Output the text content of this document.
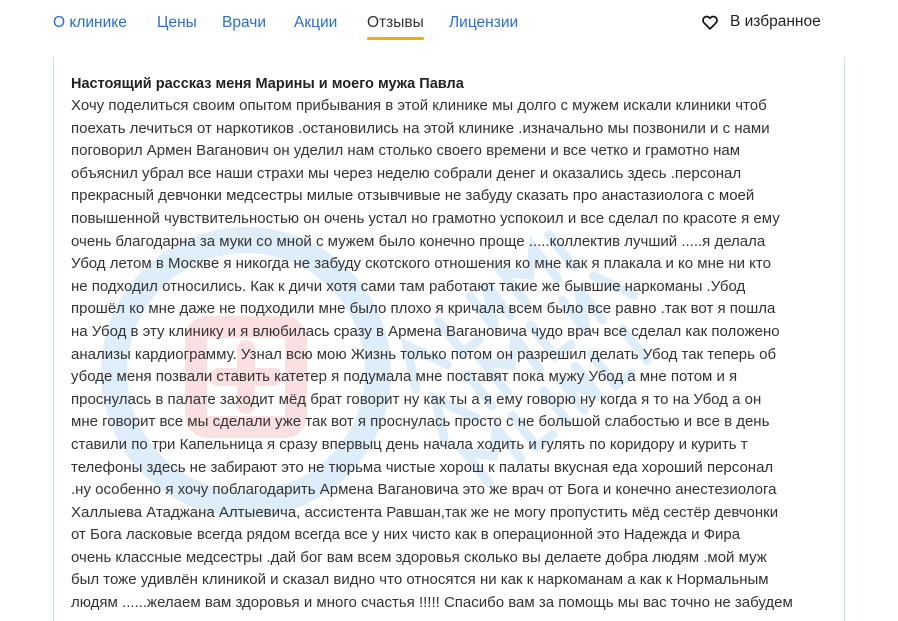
О клинике Цены Врачи Акции Отзывы Лицензии	В избранное
Настоящий рассказ меня Марины и моего мужа Павла
Хочу поделиться своим опытом прибывания в этой клинике мы долго с мужем искали клиники чтоб
поехать лечиться от наркотиков .остановились на этой клинике .изначально мы позвонили и с нами
поговорил Армен Ваганович он уделил нам столько своего времени и все четко и грамотно нам
объяснил убрал все наши страхи мы через неделю собрали денег и оказались здесь .персонал
прекрасный девчонки медсестры милые отзывчивые не забуду сказать про анастазиолога с моей
повышенной чувствительностью он очень устал но грамотно успокоил и все сделал по красоте я ему
очень благодарна за муки со мной с мужем было конечно проще .....коллектив лучший .....я делала
Убод летом в Москве я никогда не забуду скотского отношения ко мне как я плакала и ко мне ни кто
не подходил относились. Как к дичи хотя сами там работают такие же бывшие наркоманы .Убод
прошёл ко мне даже не подходили мне было плохо я кричала всем было все равно .так вот я пошла
на Убод в эту клинику и я влюбилась сразу в Армена Вагановича чудо врач все сделал как положено
анализы кардиограмму. Узнал всю мою Жизнь только потом он разрешил делать Убод так теперь об
убоде меня позвали ставить катетер я подумала мне поставят пока мужу Убод а мне потом и я
проснулась в палате заходит мёд брат говорит ну как ты а я ему говорю ну когда я то на Убод а он
мне говорит все мы сделали уже так вот я проснулась просто с не большой слабостью и все в день
ставили по три Капельница я сразу впервыц день начала ходить и гулять по коридору и курить т
телефоны здесь не забирают это не тюрьма чистые хорош к палаты вкусная еда хороший персонал
.ну особенно я хочу поблагодарить Армена Вагановича это же врач от Бога и конечно анестезиолога
Халлыева Атаджана Алтыевича, ассистента Равшан,так же не могу пропустить мёд сестёр девчонки
от Бога ласковые всегда рядом всегда все у них чисто как в операционной это Надежда и Фира
очень классные медсестры .дай бог вам всем здоровья сколько вы делаете добра людям .мой муж
был тоже удивлён клиникой и сказал видно что относятся ни как к наркоманам а как к Нормальным
людям ......желаем вам здоровья и много счастья !!!!! Спасибо вам за помощь мы вас точно не забудем
